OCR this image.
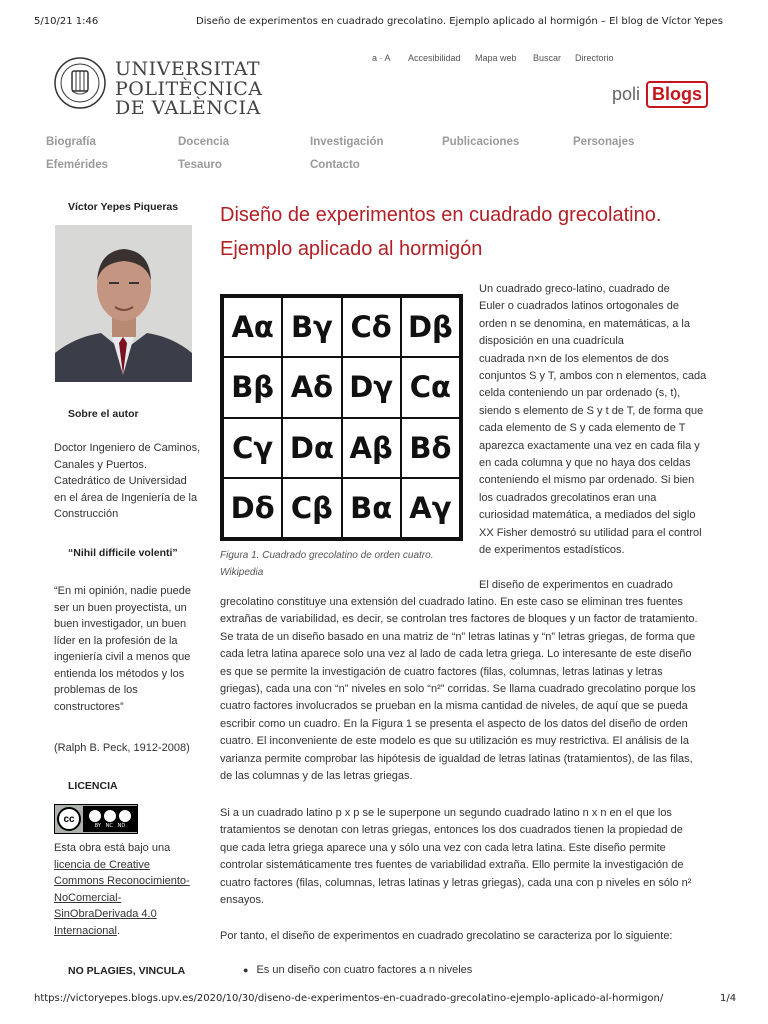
5/10/21 1:46	Diseño de experimentos en cuadrado grecolatino. Ejemplo aplicado al hormigón – El blog de Víctor Yepes
UNIVERSITAT
POLITÈCNICA
DE VALÈNCIA
a · A Accesibilidad Mapa web Buscar Directorio
poli Blogs
Biografía	Docencia	Investigación	Publicaciones	Personajes
Efemérides	Tesauro	Contacto
Víctor Yepes Piqueras
Sobre el autor
Doctor Ingeniero de Caminos,
Canales y Puertos.
Catedrático de Universidad
en el área de Ingeniería de la
Construcción
“Nihil difficile volenti”
“En mi opinión, nadie puede
ser un buen proyectista, un
buen investigador, un buen
líder en la profesión de la
ingeniería civil a menos que
entienda los métodos y los
problemas de los
constructores”
(Ralph B. Peck, 1912-2008)
LICENCIA
cc
BY   NC   ND
Esta obra está bajo una
licencia de Creative
Commons Reconocimiento-
NoComercial-
SinObraDerivada 4.0
Internacional.
NO PLAGIES, VINCULA
Diseño de experimentos en cuadrado grecolatino.
Ejemplo aplicado al hormigón
Aα Bγ Cδ Dβ
Bβ Aδ Dγ Cα
Cγ Dα Aβ Bδ
Dδ Cβ Bα Aγ
Figura 1. Cuadrado grecolatino de orden cuatro.
Wikipedia
Un cuadrado greco-latino, cuadrado de
Euler o cuadrados latinos ortogonales de
orden n se denomina, en matemáticas, a la
disposición en una cuadrícula
cuadrada n×n de los elementos de dos
conjuntos S y T, ambos con n elementos, cada
celda conteniendo un par ordenado (s, t),
siendo s elemento de S y t de T, de forma que
cada elemento de S y cada elemento de T
aparezca exactamente una vez en cada fila y
en cada columna y que no haya dos celdas
conteniendo el mismo par ordenado. Si bien
los cuadrados grecolatinos eran una
curiosidad matemática, a mediados del siglo
XX Fisher demostró su utilidad para el control
de experimentos estadísticos.
El diseño de experimentos en cuadrado
grecolatino constituye una extensión del cuadrado latino. En este caso se eliminan tres fuentes
extrañas de variabilidad, es decir, se controlan tres factores de bloques y un factor de tratamiento.
Se trata de un diseño basado en una matriz de “n” letras latinas y “n” letras griegas, de forma que
cada letra latina aparece solo una vez al lado de cada letra griega. Lo interesante de este diseño
es que se permite la investigación de cuatro factores (filas, columnas, letras latinas y letras
griegas), cada una con “n” niveles en solo “n²” corridas. Se llama cuadrado grecolatino porque los
cuatro factores involucrados se prueban en la misma cantidad de niveles, de aquí que se pueda
escribir como un cuadro. En la Figura 1 se presenta el aspecto de los datos del diseño de orden
cuatro. El inconveniente de este modelo es que su utilización es muy restrictiva. El análisis de la
varianza permite comprobar las hipótesis de igualdad de letras latinas (tratamientos), de las filas,
de las columnas y de las letras griegas.
Si a un cuadrado latino p x p se le superpone un segundo cuadrado latino n x n en el que los
tratamientos se denotan con letras griegas, entonces los dos cuadrados tienen la propiedad de
que cada letra griega aparece una y sólo una vez con cada letra latina. Este diseño permite
controlar sistemáticamente tres fuentes de variabilidad extraña. Ello permite la investigación de
cuatro factores (filas, columnas, letras latinas y letras griegas), cada una con p niveles en sólo n²
ensayos.
Por tanto, el diseño de experimentos en cuadrado grecolatino se caracteriza por lo siguiente:
● Es un diseño con cuatro factores a n niveles
https://victoryepes.blogs.upv.es/2020/10/30/diseno-de-experimentos-en-cuadrado-grecolatino-ejemplo-aplicado-al-hormigon/	1/4
